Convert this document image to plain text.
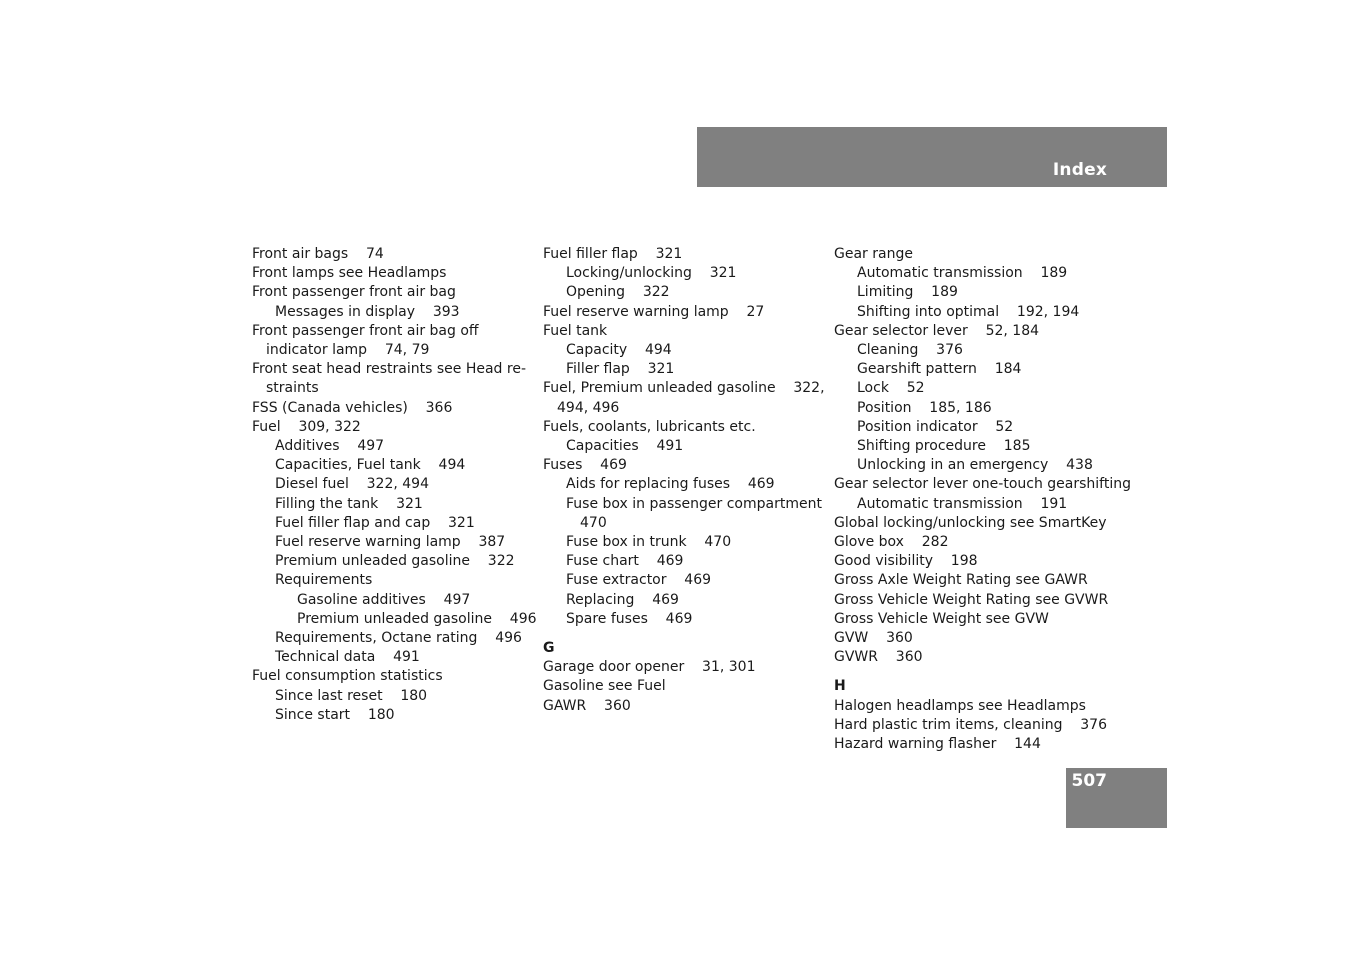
Index
Front air bags    74
Front lamps see Headlamps
Front passenger front air bag
Messages in display    393
Front passenger front air bag off indicator lamp    74, 79
Front seat head restraints see Head re-straints
FSS (Canada vehicles)    366
Fuel    309, 322
Additives    497
Capacities, Fuel tank    494
Diesel fuel    322, 494
Filling the tank    321
Fuel filler flap and cap    321
Fuel reserve warning lamp    387
Premium unleaded gasoline    322
Requirements
Gasoline additives    497
Premium unleaded gasoline    496
Requirements, Octane rating    496
Technical data    491
Fuel consumption statistics
Since last reset    180
Since start    180
Fuel filler flap    321
Locking/unlocking    321
Opening    322
Fuel reserve warning lamp    27
Fuel tank
Capacity    494
Filler flap    321
Fuel, Premium unleaded gasoline    322, 494, 496
Fuels, coolants, lubricants etc.
Capacities    491
Fuses    469
Aids for replacing fuses    469
Fuse box in passenger compartment    470
Fuse box in trunk    470
Fuse chart    469
Fuse extractor    469
Replacing    469
Spare fuses    469
G
Garage door opener    31, 301
Gasoline see Fuel
GAWR    360
Gear range
Automatic transmission    189
Limiting    189
Shifting into optimal    192, 194
Gear selector lever    52, 184
Cleaning    376
Gearshift pattern    184
Lock    52
Position    185, 186
Position indicator    52
Shifting procedure    185
Unlocking in an emergency    438
Gear selector lever one-touch gearshifting
Automatic transmission    191
Global locking/unlocking see SmartKey
Glove box    282
Good visibility    198
Gross Axle Weight Rating see GAWR
Gross Vehicle Weight Rating see GVWR
Gross Vehicle Weight see GVW
GVW    360
GVWR    360
H
Halogen headlamps see Headlamps
Hard plastic trim items, cleaning    376
Hazard warning flasher    144
507
